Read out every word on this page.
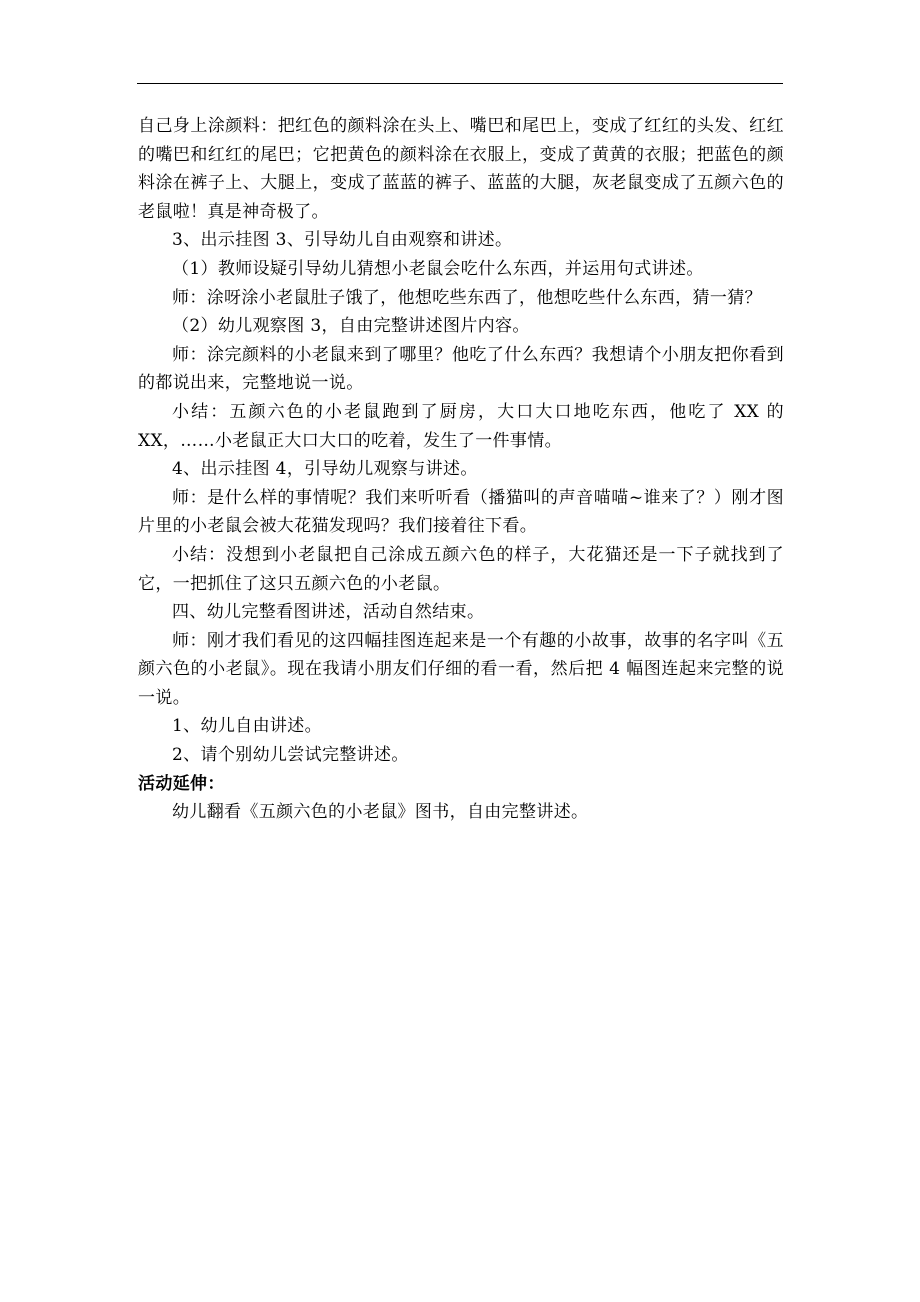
自己身上涂颜料：把红色的颜料涂在头上、嘴巴和尾巴上，变成了红红的头发、红红的嘴巴和红红的尾巴；它把黄色的颜料涂在衣服上，变成了黄黄的衣服；把蓝色的颜料涂在裤子上、大腿上，变成了蓝蓝的裤子、蓝蓝的大腿，灰老鼠变成了五颜六色的老鼠啦！真是神奇极了。

3、出示挂图 3、引导幼儿自由观察和讲述。

（1）教师设疑引导幼儿猜想小老鼠会吃什么东西，并运用句式讲述。

师：涂呀涂小老鼠肚子饿了，他想吃些东西了，他想吃些什么东西，猜一猜？

（2）幼儿观察图 3，自由完整讲述图片内容。

师：涂完颜料的小老鼠来到了哪里？他吃了什么东西？我想请个小朋友把你看到的都说出来，完整地说一说。

小结：五颜六色的小老鼠跑到了厨房，大口大口地吃东西，他吃了 XX 的 XX，……小老鼠正大口大口的吃着，发生了一件事情。

4、出示挂图 4，引导幼儿观察与讲述。

师：是什么样的事情呢？我们来听听看（播猫叫的声音喵喵~谁来了？）刚才图片里的小老鼠会被大花猫发现吗？我们接着往下看。

小结：没想到小老鼠把自己涂成五颜六色的样子，大花猫还是一下子就找到了它，一把抓住了这只五颜六色的小老鼠。

四、幼儿完整看图讲述，活动自然结束。

师：刚才我们看见的这四幅挂图连起来是一个有趣的小故事，故事的名字叫《五颜六色的小老鼠》。现在我请小朋友们仔细的看一看，然后把 4 幅图连起来完整的说一说。

1、幼儿自由讲述。

2、请个别幼儿尝试完整讲述。

活动延伸：

幼儿翻看《五颜六色的小老鼠》图书，自由完整讲述。
